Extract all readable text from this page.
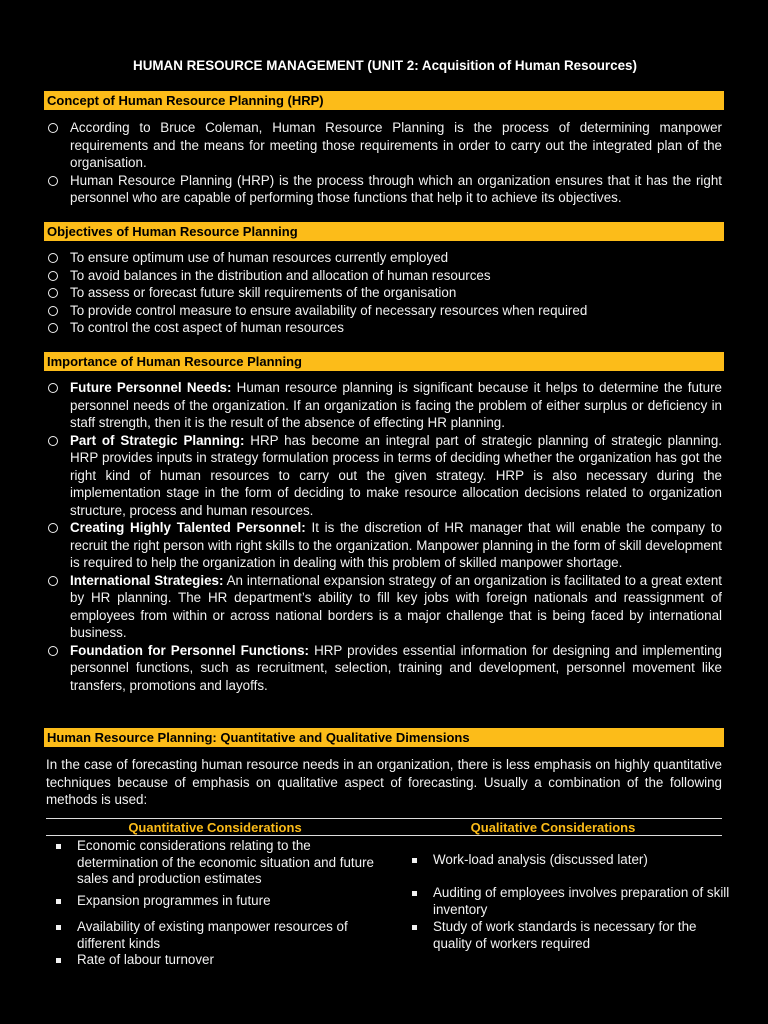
HUMAN RESOURCE MANAGEMENT (UNIT 2: Acquisition of Human Resources)
Concept of Human Resource Planning (HRP)
According to Bruce Coleman, Human Resource Planning is the process of determining manpower requirements and the means for meeting those requirements in order to carry out the integrated plan of the organisation.
Human Resource Planning (HRP) is the process through which an organization ensures that it has the right personnel who are capable of performing those functions that help it to achieve its objectives.
Objectives of Human Resource Planning
To ensure optimum use of human resources currently employed
To avoid balances in the distribution and allocation of human resources
To assess or forecast future skill requirements of the organisation
To provide control measure to ensure availability of necessary resources when required
To control the cost aspect of human resources
Importance of Human Resource Planning
Future Personnel Needs: Human resource planning is significant because it helps to determine the future personnel needs of the organization. If an organization is facing the problem of either surplus or deficiency in staff strength, then it is the result of the absence of effecting HR planning.
Part of Strategic Planning: HRP has become an integral part of strategic planning of strategic planning. HRP provides inputs in strategy formulation process in terms of deciding whether the organization has got the right kind of human resources to carry out the given strategy. HRP is also necessary during the implementation stage in the form of deciding to make resource allocation decisions related to organization structure, process and human resources.
Creating Highly Talented Personnel: It is the discretion of HR manager that will enable the company to recruit the right person with right skills to the organization. Manpower planning in the form of skill development is required to help the organization in dealing with this problem of skilled manpower shortage.
International Strategies: An international expansion strategy of an organization is facilitated to a great extent by HR planning. The HR department’s ability to fill key jobs with foreign nationals and reassignment of employees from within or across national borders is a major challenge that is being faced by international business.
Foundation for Personnel Functions: HRP provides essential information for designing and implementing personnel functions, such as recruitment, selection, training and development, personnel movement like transfers, promotions and layoffs.
Human Resource Planning: Quantitative and Qualitative Dimensions
In the case of forecasting human resource needs in an organization, there is less emphasis on highly quantitative techniques because of emphasis on qualitative aspect of forecasting. Usually a combination of the following methods is used:
Quantitative Considerations	Qualitative Considerations
Economic considerations relating to the determination of the economic situation and future sales and production estimates
Expansion programmes in future
Availability of existing manpower resources of different kinds
Rate of labour turnover
Work-load analysis (discussed later)
Auditing of employees involves preparation of skill inventory
Study of work standards is necessary for the quality of workers required
